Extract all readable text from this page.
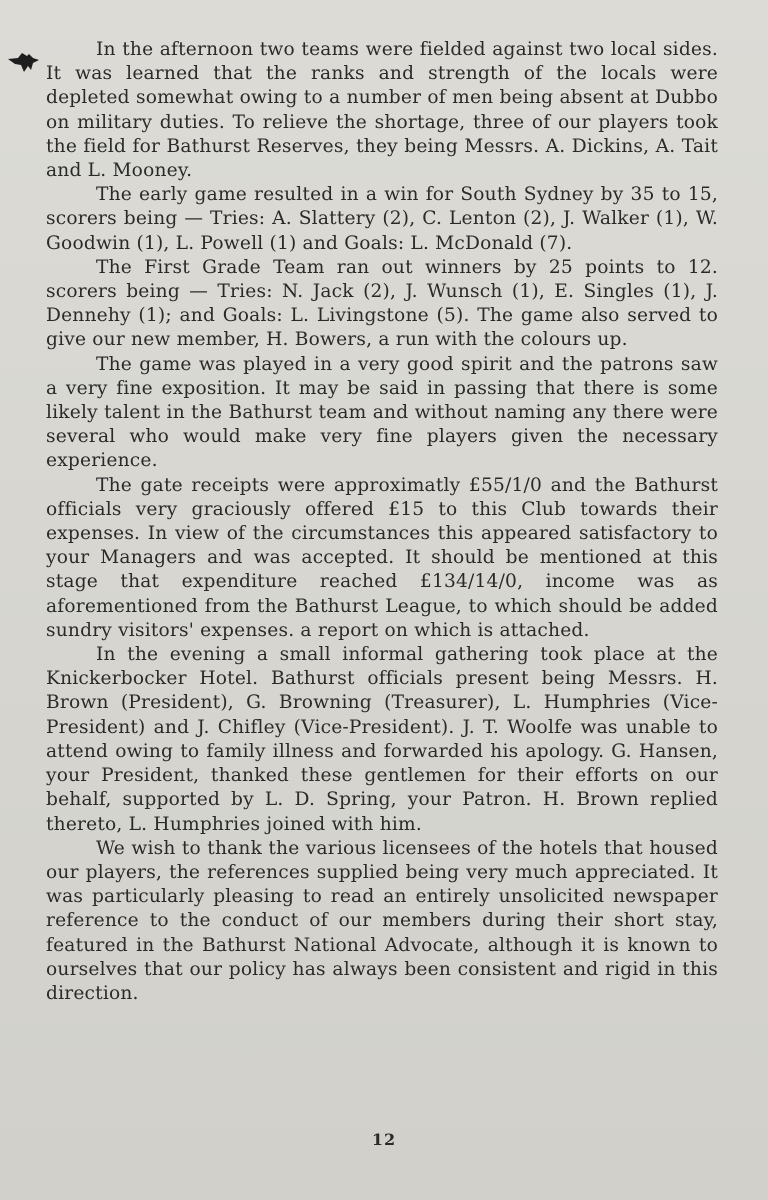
In the afternoon two teams were fielded against two local sides. It was learned that the ranks and strength of the locals were depleted somewhat owing to a number of men being absent at Dubbo on military duties. To relieve the shortage, three of our players took the field for Bathurst Reserves, they being Messrs. A. Dickins, A. Tait and L. Mooney.

The early game resulted in a win for South Sydney by 35 to 15, scorers being — Tries: A. Slattery (2), C. Lenton (2), J. Walker (1), W. Goodwin (1), L. Powell (1) and Goals: L. McDonald (7).

The First Grade Team ran out winners by 25 points to 12. scorers being — Tries: N. Jack (2), J. Wunsch (1), E. Singles (1), J. Dennehy (1); and Goals: L. Livingstone (5). The game also served to give our new member, H. Bowers, a run with the colours up.

The game was played in a very good spirit and the patrons saw a very fine exposition. It may be said in passing that there is some likely talent in the Bathurst team and without naming any there were several who would make very fine players given the necessary experience.

The gate receipts were approximatly £55/1/0 and the Bathurst officials very graciously offered £15 to this Club towards their expenses. In view of the circumstances this appeared satisfactory to your Managers and was accepted. It should be mentioned at this stage that expenditure reached £134/14/0, income was as aforementioned from the Bathurst League, to which should be added sundry visitors' expenses. a report on which is attached.

In the evening a small informal gathering took place at the Knickerbocker Hotel. Bathurst officials present being Messrs. H. Brown (President), G. Browning (Treasurer), L. Humphries (Vice-President) and J. Chifley (Vice-President). J. T. Woolfe was unable to attend owing to family illness and forwarded his apology. G. Hansen, your President, thanked these gentlemen for their efforts on our behalf, supported by L. D. Spring, your Patron. H. Brown replied thereto, L. Humphries joined with him.

We wish to thank the various licensees of the hotels that housed our players, the references supplied being very much appreciated. It was particularly pleasing to read an entirely unsolicited newspaper reference to the conduct of our members during their short stay, featured in the Bathurst National Advocate, although it is known to ourselves that our policy has always been consistent and rigid in this direction.

12
